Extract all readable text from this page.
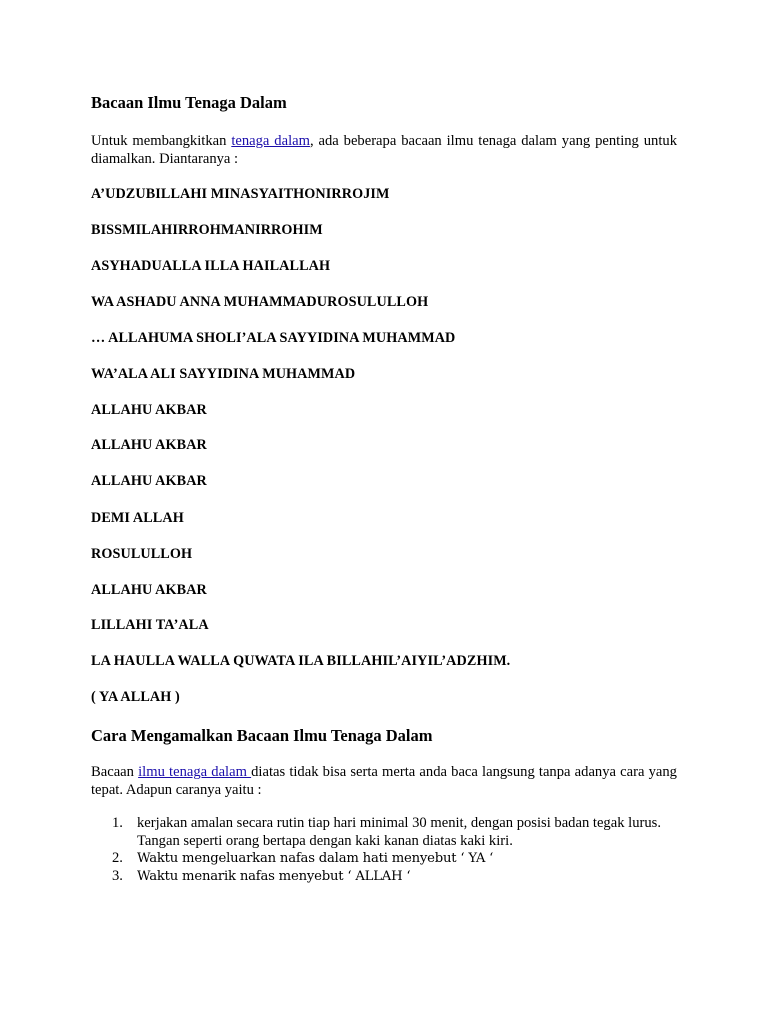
Bacaan Ilmu Tenaga Dalam

Untuk membangkitkan tenaga dalam, ada beberapa bacaan ilmu tenaga dalam yang penting untuk diamalkan. Diantaranya :

A’UDZUBILLAHI MINASYAITHONIRROJIM

BISSMILAHIRROHMANIRROHIM

ASYHADUALLA ILLA HAILALLAH

WA ASHADU ANNA MUHAMMADUROSULULLOH

… ALLAHUMA SHOLI’ALA SAYYIDINA MUHAMMAD

WA’ALA ALI SAYYIDINA MUHAMMAD

ALLAHU AKBAR

ALLAHU AKBAR

ALLAHU AKBAR

DEMI ALLAH

ROSULULLOH

ALLAHU AKBAR

LILLAHI TA’ALA

LA HAULLA WALLA QUWATA ILA BILLAHIL’AIYIL’ADZHIM.

( YA ALLAH )

Cara Mengamalkan Bacaan Ilmu Tenaga Dalam

Bacaan ilmu tenaga dalam diatas tidak bisa serta merta anda baca langsung tanpa adanya cara yang tepat. Adapun caranya yaitu :

1. kerjakan amalan secara rutin tiap hari minimal 30 menit, dengan posisi badan tegak lurus. Tangan seperti orang bertapa dengan kaki kanan diatas kaki kiri.
2. Waktu mengeluarkan nafas dalam hati menyebut ‘ YA ‘
3. Waktu menarik nafas menyebut ‘ ALLAH ‘
